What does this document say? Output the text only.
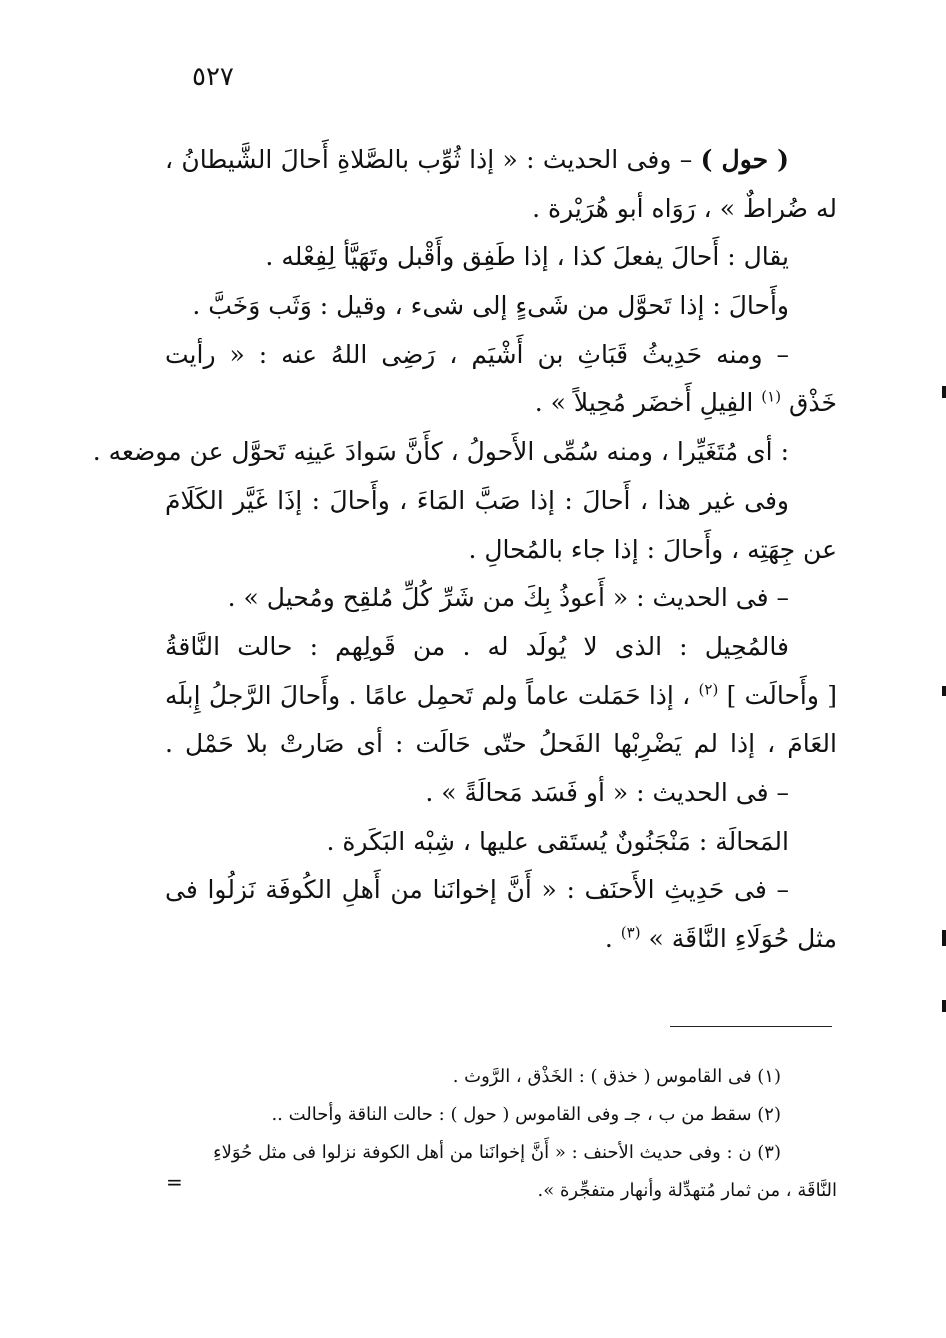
٥٢٧
( حول ) – وفى الحديث : « إذا ثُوِّب بالصَّلاةِ أَحالَ الشَّيطانُ ،
له ضُراطٌ » ، رَوَاه أبو هُرَيْرة .
يقال : أَحالَ يفعلَ كذا ، إذا طَفِق وأَقْبل وتَهَيَّأ لِفِعْله .
وأَحالَ : إذا تَحوَّل من شَىءٍ إلى شىء ، وقيل : وَثَب وَخَبَّ .
– ومنه حَدِيثُ قَبَاثِ بن أَشْيَم ، رَضِى اللهُ عنه : « رأيت
خَذْق $^{(١)}$ الفِيلِ أَخضَر مُحِيلاً » .
: أى مُتَغَيِّرا ، ومنه سُمِّى الأَحولُ ، كأَنَّ سَوادَ عَينِه تَحوَّل عن موضعه .
وفى غير هذا ، أَحالَ : إذا صَبَّ المَاءَ ، وأَحالَ : إذَا غَيَّر الكَلَامَ
عن جِهَتِه ، وأَحالَ : إذا جاء بالمُحالِ .
– فى الحديث : « أَعوذُ بِكَ من شَرِّ كُلِّ مُلقِح ومُحيل » .
فالمُحِيل : الذى لا يُولَد له . من قَولِهم : حالت النَّاقةُ
[ وأَحالَت ] $^{(٢)}$ ، إذا حَمَلت عاماً ولم تَحمِل عامًا . وأَحالَ الرَّجلُ إِبلَه
العَامَ ، إذا لم يَضْرِبْها الفَحلُ حتّى حَالَت : أى صَارتْ بلا حَمْل .
– فى الحديث : « أو فَسَد مَحالَةً » .
المَحالَة : مَنْجَنُونٌ يُستَقى عليها ، شِبْه البَكَرة .
– فى حَدِيثِ الأَحنَف : « أَنَّ إخوانَنا من أَهلِ الكُوفَة نَزلُوا فى
مثل حُوَلَاءِ النَّاقَة » $^{(٣)}$ .
(١) فى القاموس ( خذق ) : الخَذْق ، الرَّوث .
(٢) سقط من ب ، جـ وفى القاموس ( حول ) : حالت الناقة وأحالت ..
(٣) ن : وفى حديث الأحنف : « أَنَّ إخوانَنا من أهل الكوفة نزلوا فى مثل حُوَلاءِ
النَّاقَة ، من ثمار مُتهدِّلة وأنهار متفجِّرة ».
=
